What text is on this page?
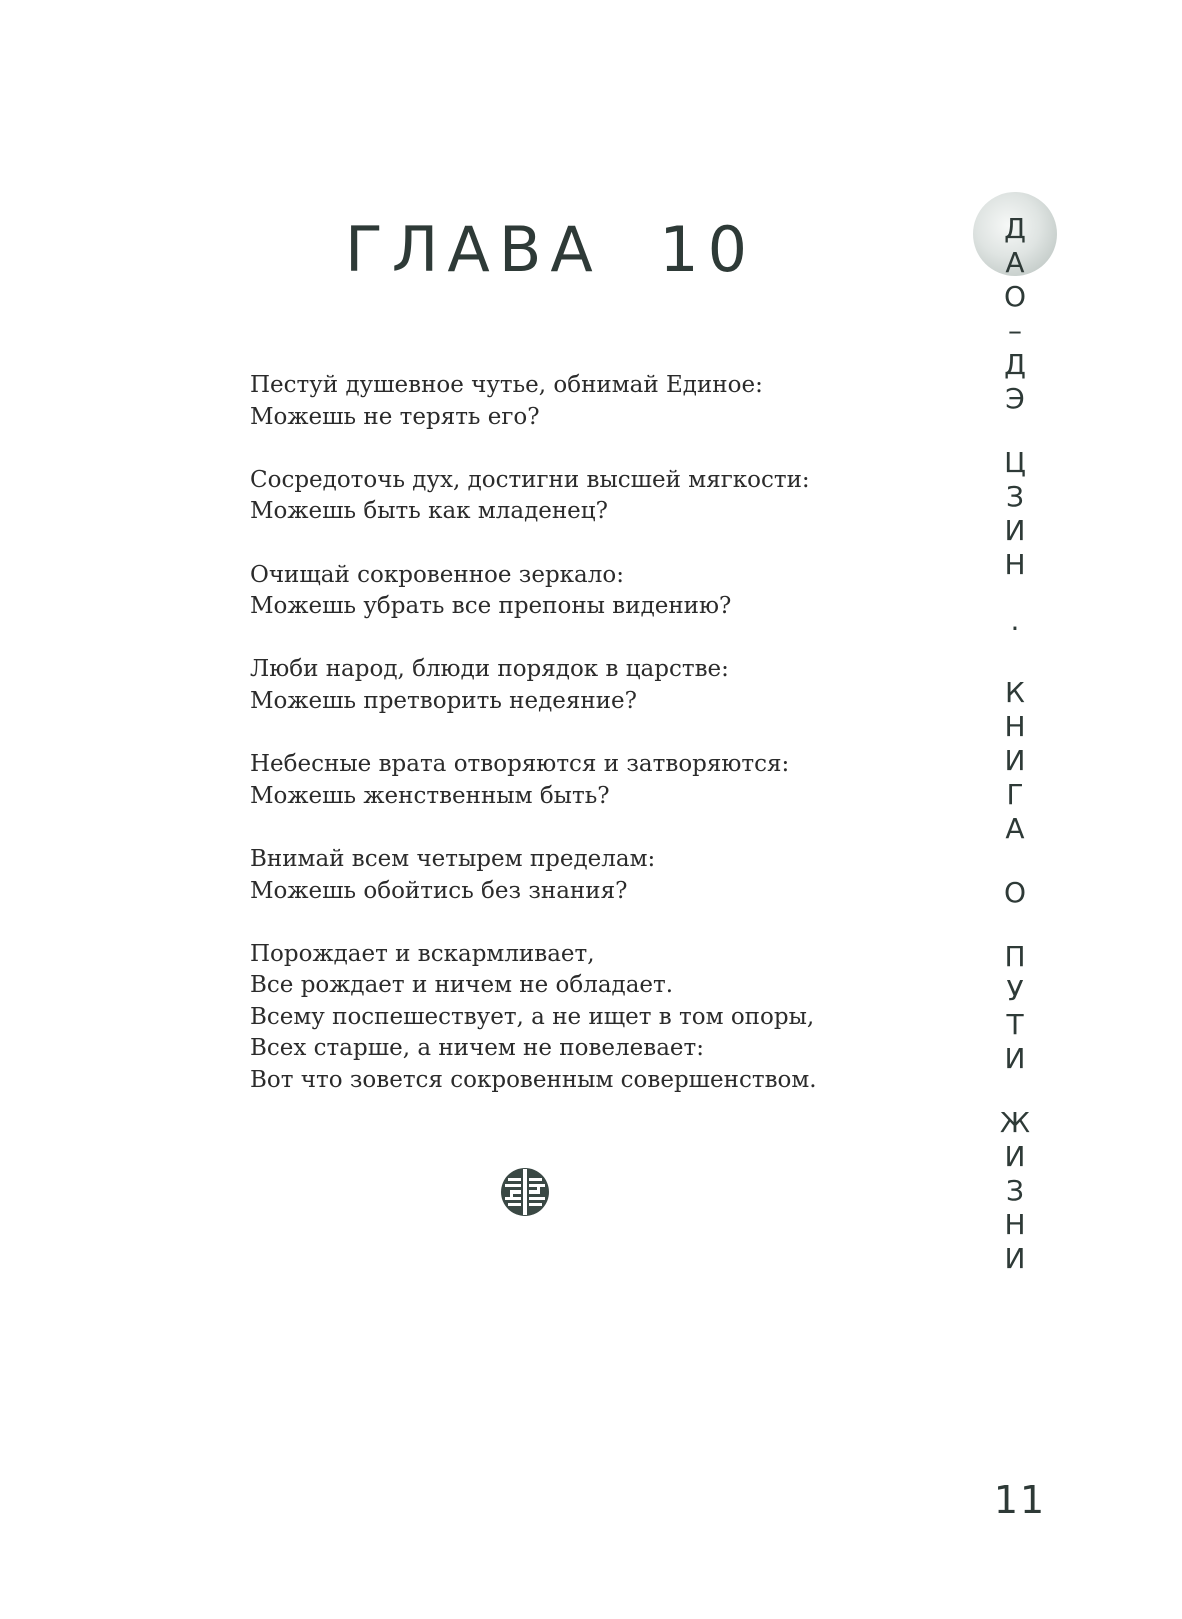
ГЛАВА  10

Пестуй душевное чутье, обнимай Единое:
Можешь не терять его?

Сосредоточь дух, достигни высшей мягкости:
Можешь быть как младенец?

Очищай сокровенное зеркало:
Можешь убрать все препоны видению?

Люби народ, блюди порядок в царстве:
Можешь претворить недеяние?

Небесные врата отворяются и затворяются:
Можешь женственным быть?

Внимай всем четырем пределам:
Можешь обойтись без знания?

Порождает и вскармливает,
Все рождает и ничем не обладает.
Всему поспешествует, а не ищет в том опоры,
Всех старше, а ничем не повелевает:
Вот что зовется сокровенным совершенством.

Д
А
О
–
Д
Э
Ц
З
И
Н
·
К
Н
И
Г
А
О
П
У
Т
И
Ж
И
З
Н
И
11
